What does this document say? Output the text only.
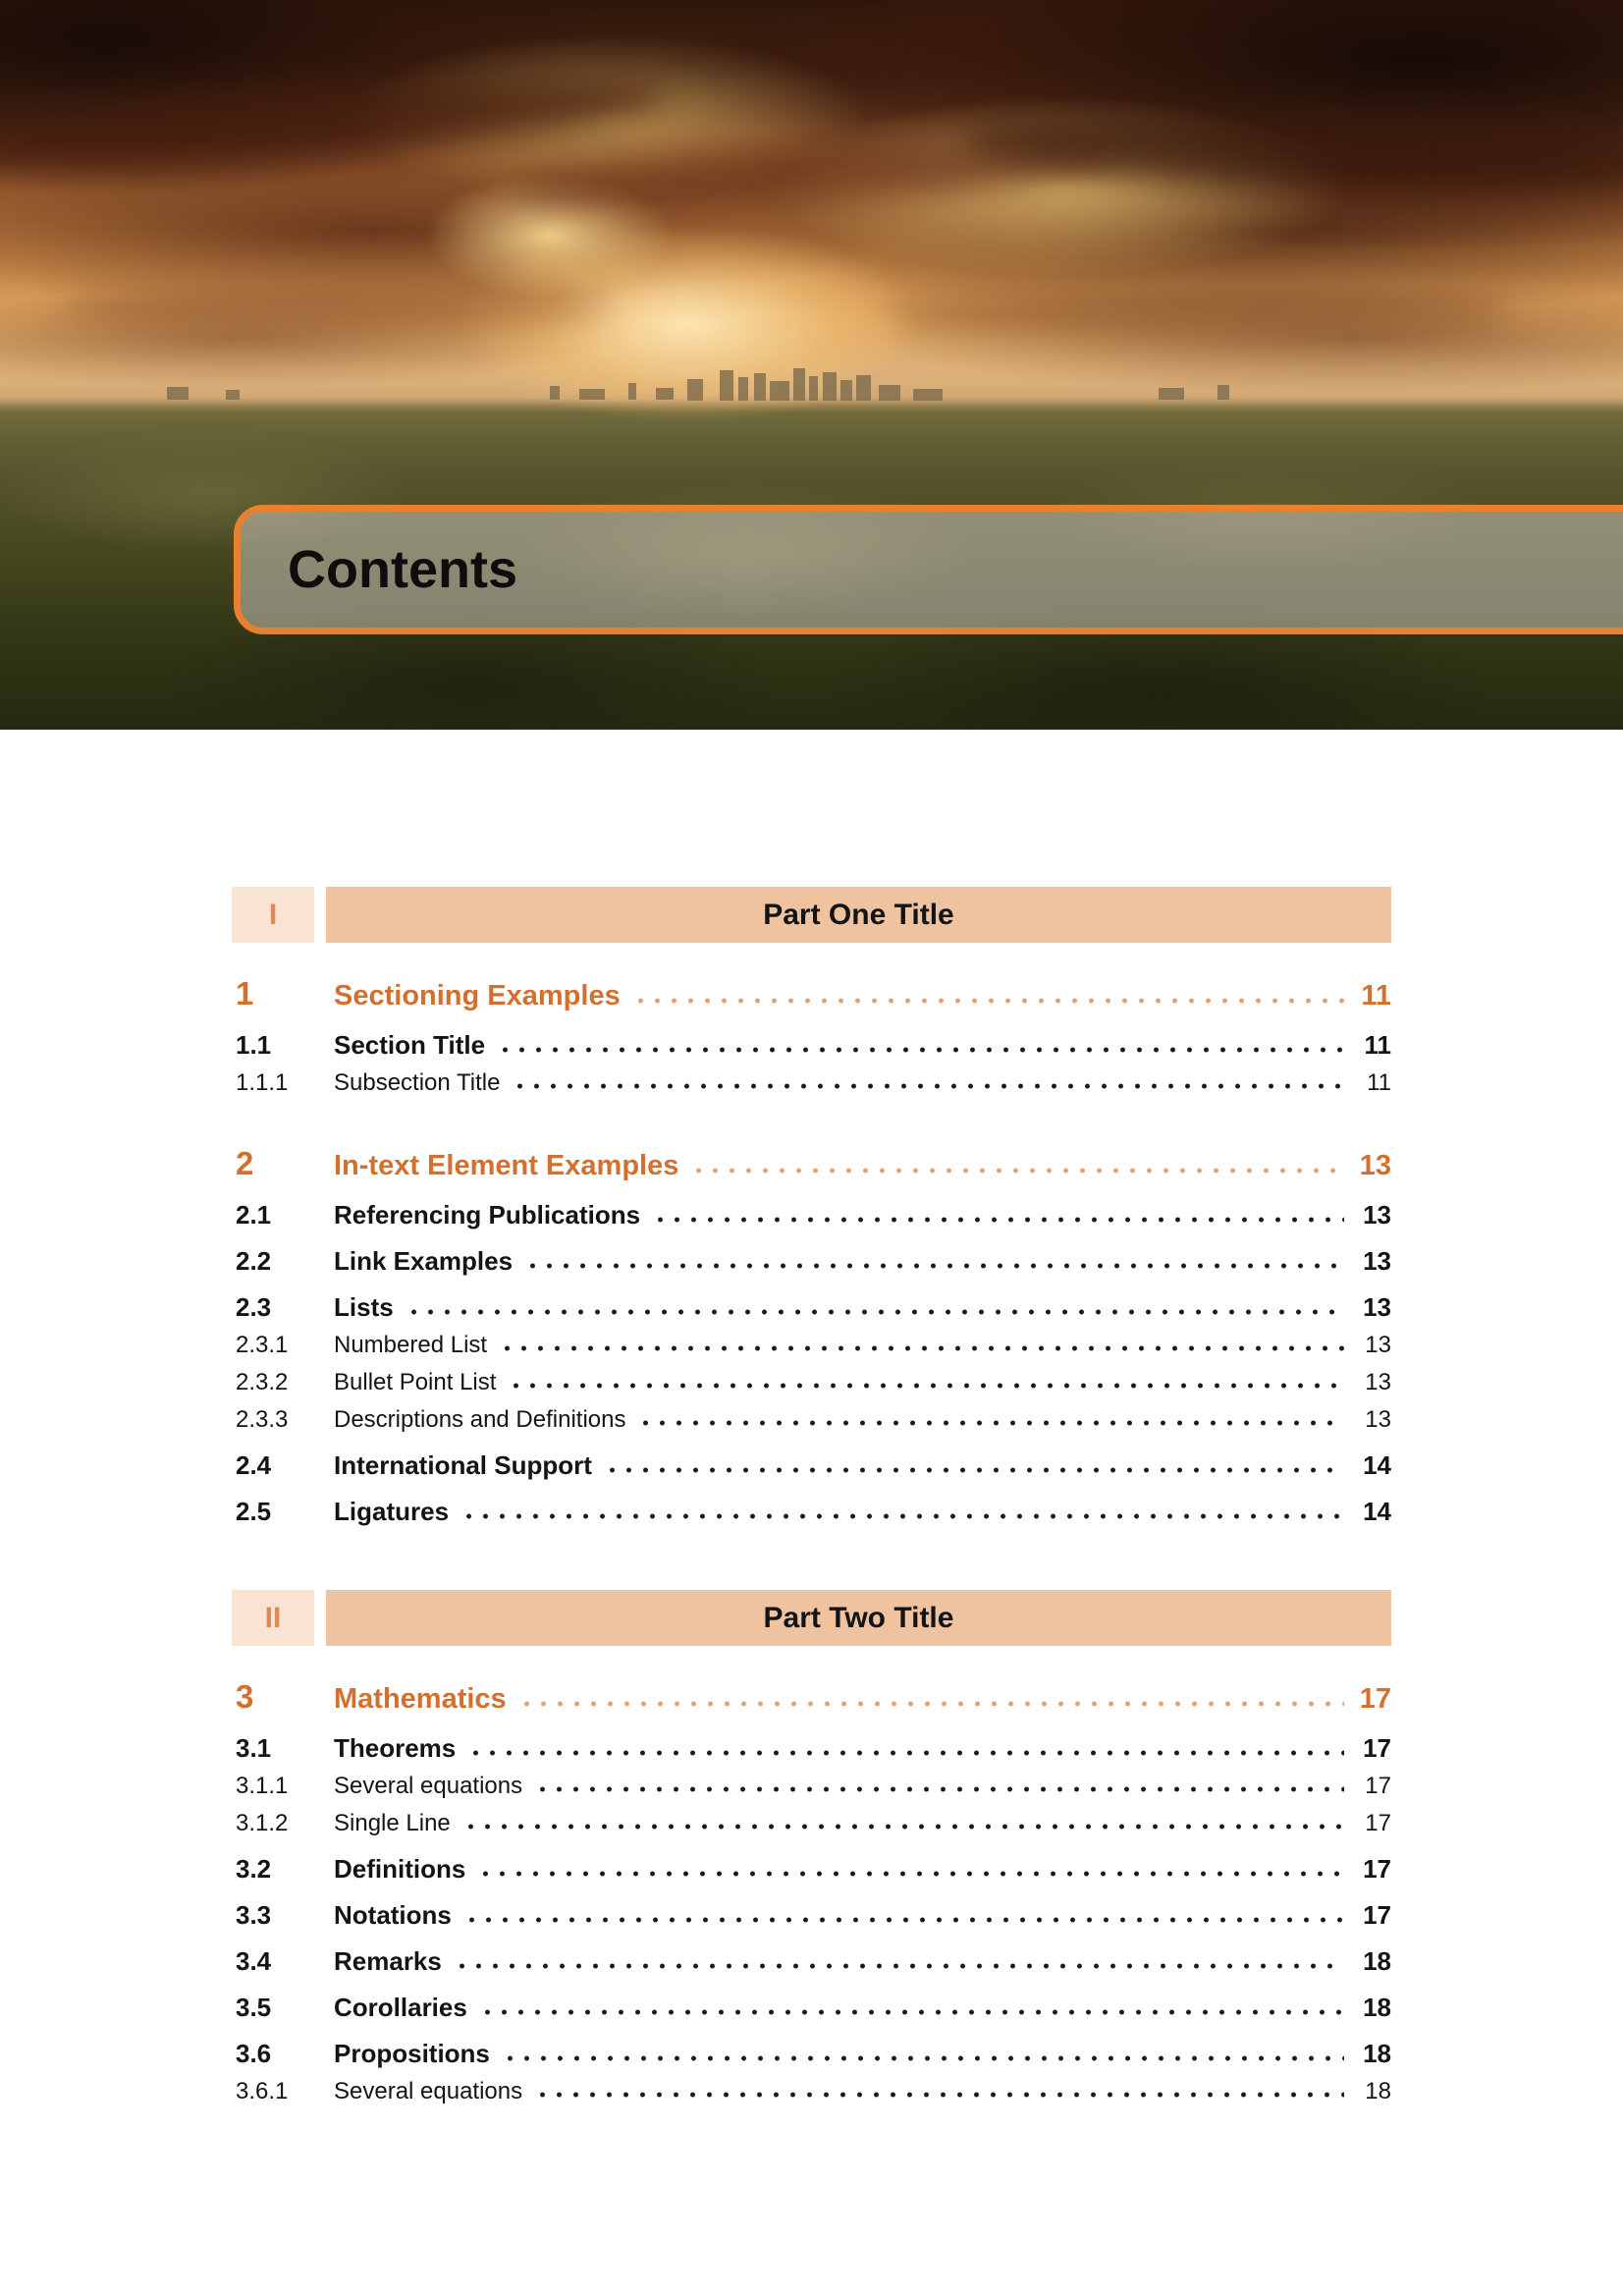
Contents
I	Part One Title
1	Sectioning Examples	11
1.1	Section Title	11
1.1.1	Subsection Title	11
2	In-text Element Examples	13
2.1	Referencing Publications	13
2.2	Link Examples	13
2.3	Lists	13
2.3.1	Numbered List	13
2.3.2	Bullet Point List	13
2.3.3	Descriptions and Definitions	13
2.4	International Support	14
2.5	Ligatures	14
II	Part Two Title
3	Mathematics	17
3.1	Theorems	17
3.1.1	Several equations	17
3.1.2	Single Line	17
3.2	Definitions	17
3.3	Notations	17
3.4	Remarks	18
3.5	Corollaries	18
3.6	Propositions	18
3.6.1	Several equations	18
